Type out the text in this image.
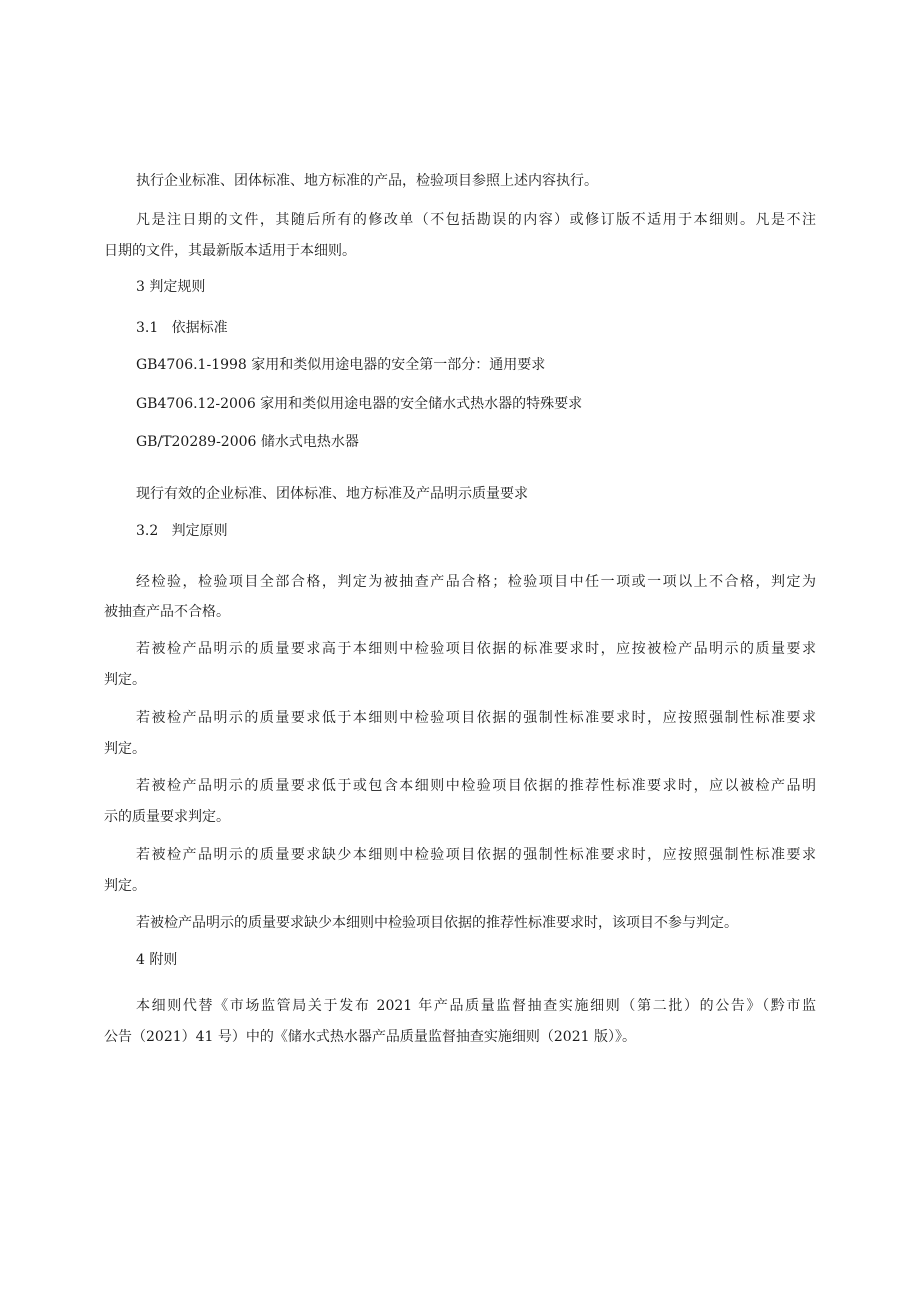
执行企业标准、团体标准、地方标准的产品，检验项目参照上述内容执行。

凡是注日期的文件，其随后所有的修改单（不包括勘误的内容）或修订版不适用于本细则。凡是不注

日期的文件，其最新版本适用于本细则。

3 判定规则

3.1   依据标准

GB4706.1-1998 家用和类似用途电器的安全第一部分：通用要求

GB4706.12-2006 家用和类似用途电器的安全储水式热水器的特殊要求

GB/T20289-2006 储水式电热水器

现行有效的企业标准、团体标准、地方标准及产品明示质量要求

3.2   判定原则

经检验，检验项目全部合格，判定为被抽查产品合格；检验项目中任一项或一项以上不合格，判定为

被抽查产品不合格。

若被检产品明示的质量要求高于本细则中检验项目依据的标准要求时，应按被检产品明示的质量要求

判定。

若被检产品明示的质量要求低于本细则中检验项目依据的强制性标准要求时，应按照强制性标准要求

判定。

若被检产品明示的质量要求低于或包含本细则中检验项目依据的推荐性标准要求时，应以被检产品明

示的质量要求判定。

若被检产品明示的质量要求缺少本细则中检验项目依据的强制性标准要求时，应按照强制性标准要求

判定。

若被检产品明示的质量要求缺少本细则中检验项目依据的推荐性标准要求时，该项目不参与判定。

4 附则

本细则代替《市场监管局关于发布 2021 年产品质量监督抽查实施细则（第二批）的公告》（黔市监

公告（2021）41 号）中的《储水式热水器产品质量监督抽查实施细则（2021 版）》。
